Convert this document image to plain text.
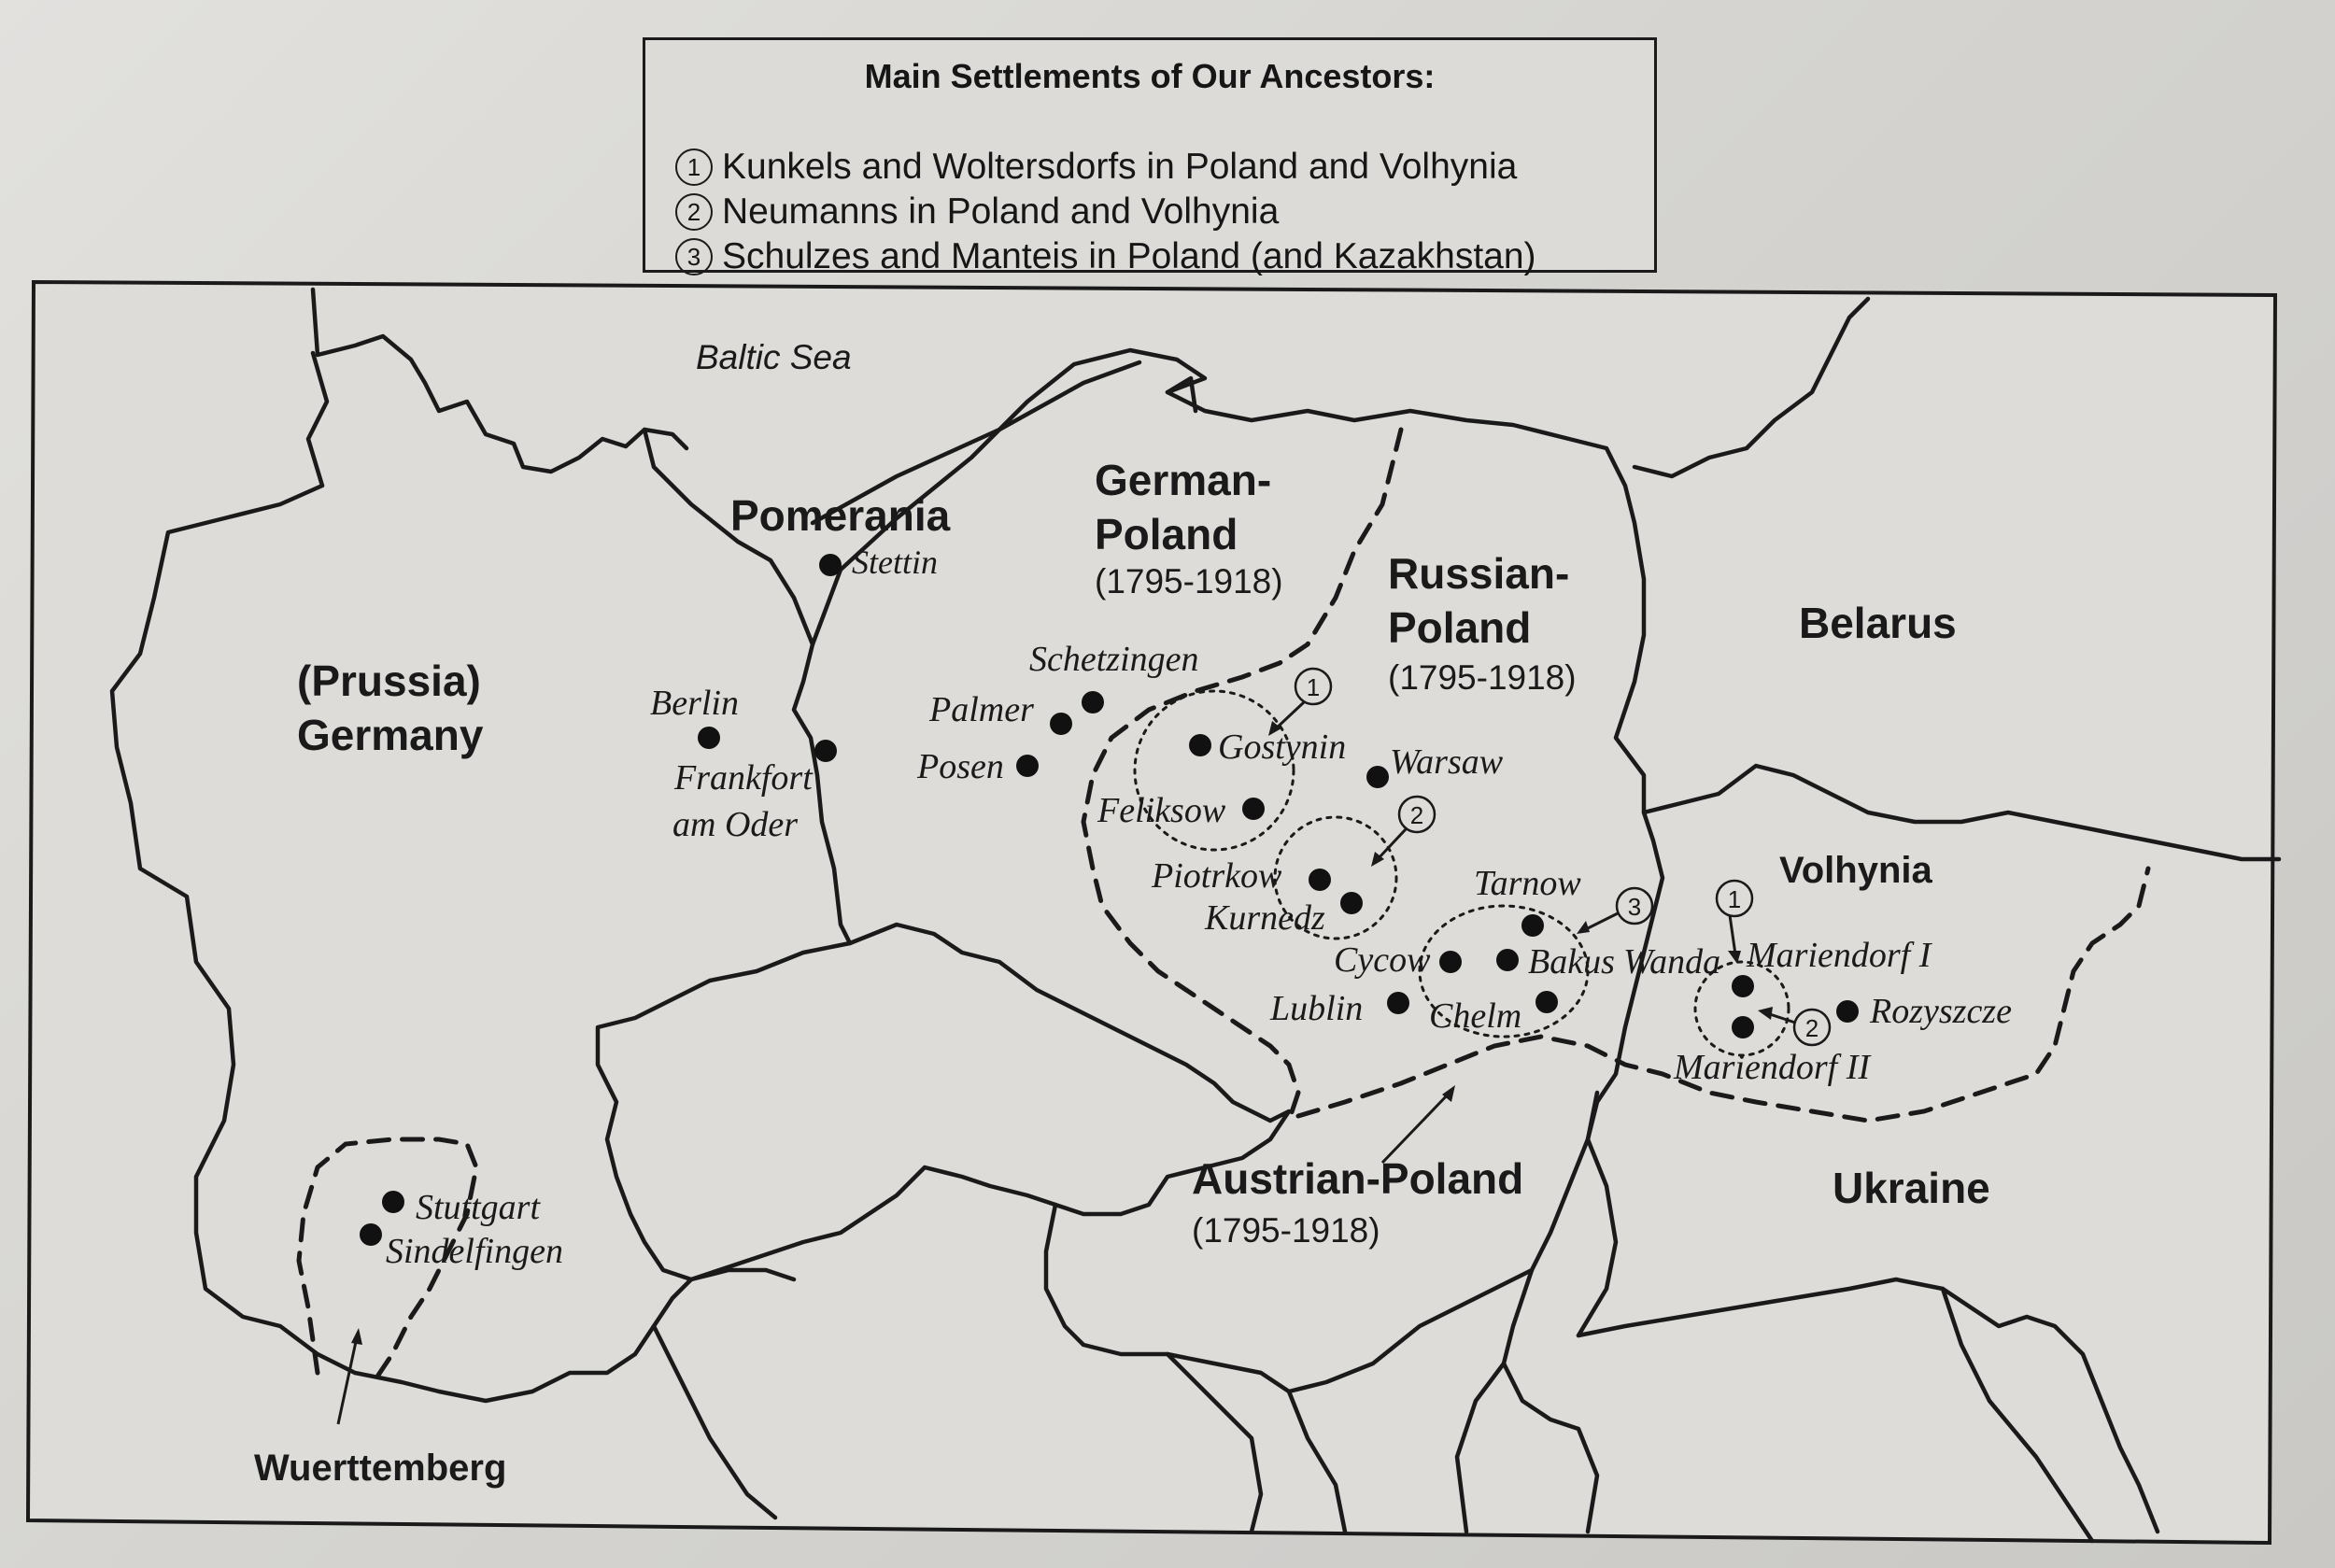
Main Settlements of Our Ancestors:
1 Kunkels and Woltersdorfs in Poland and Volhynia
2 Neumanns in Poland and Volhynia
3 Schulzes and Manteis in Poland (and Kazakhstan)
1
2
3	1
2
Baltic Sea
Pomerania
(Prussia)
Germany
German-
Poland
(1795-1918) Russian-
Poland
(1795-1918)
Belarus
Volhynia
Ukraine
Austrian-Poland
(1795-1918)
Wuerttemberg
Stettin
Berlin
Frankfort
am Oder
Schetzingen
Palmer
Posen	Gostynin Warsaw
Feliksow
Piotrkow
Kurnedz
Tarnow
Cycow	Bakus Wanda
Lublin Chelm
Mariendorf I
Mariendorf II
Rozyszcze
Stuttgart
Sindelfingen
